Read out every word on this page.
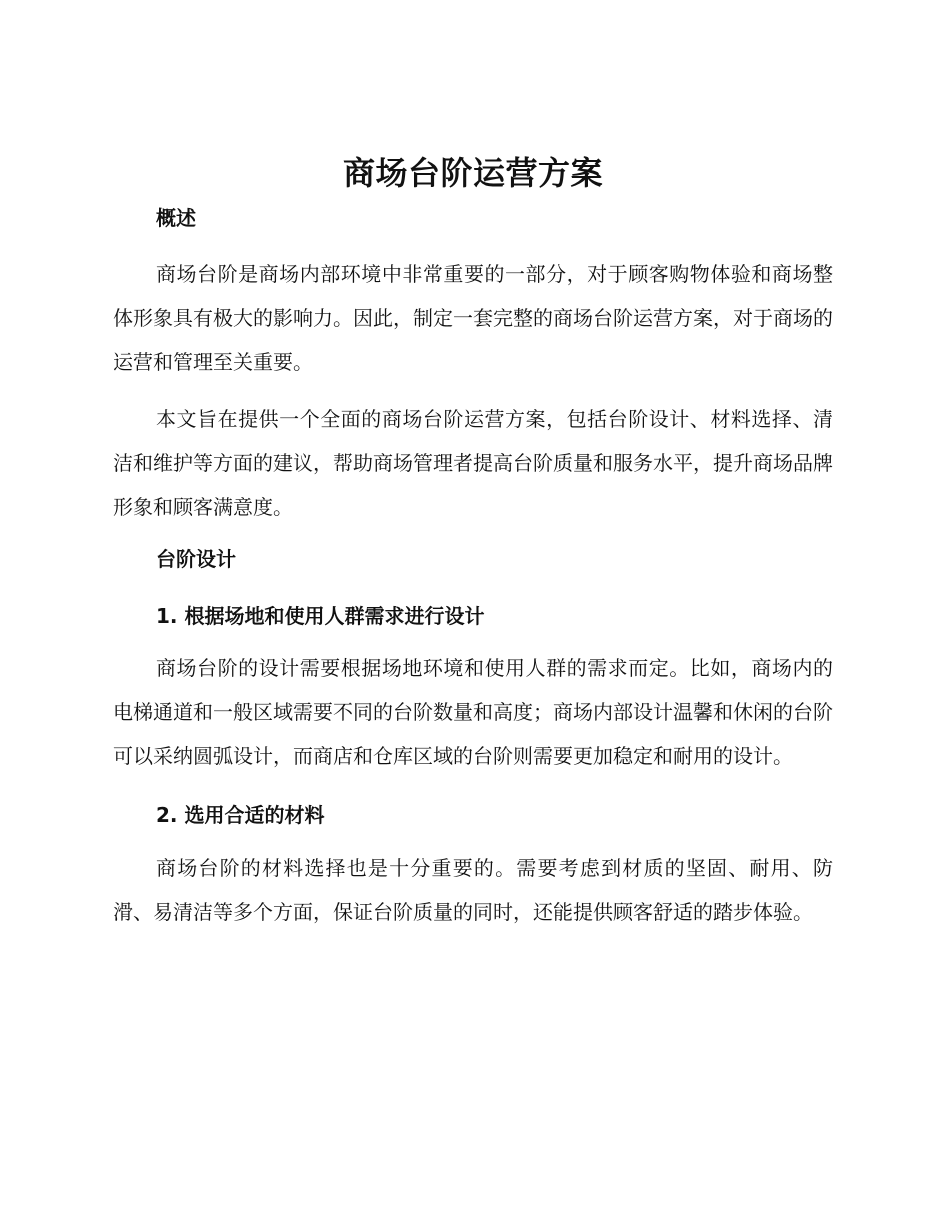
商场台阶运营方案
概述

商场台阶是商场内部环境中非常重要的一部分，对于顾客购物体验和商场整体形象具有极大的影响力。因此，制定一套完整的商场台阶运营方案，对于商场的运营和管理至关重要。

本文旨在提供一个全面的商场台阶运营方案，包括台阶设计、材料选择、清洁和维护等方面的建议，帮助商场管理者提高台阶质量和服务水平，提升商场品牌形象和顾客满意度。

台阶设计
1. 根据场地和使用人群需求进行设计

商场台阶的设计需要根据场地环境和使用人群的需求而定。比如，商场内的电梯通道和一般区域需要不同的台阶数量和高度；商场内部设计温馨和休闲的台阶可以采纳圆弧设计，而商店和仓库区域的台阶则需要更加稳定和耐用的设计。

2. 选用合适的材料

商场台阶的材料选择也是十分重要的。需要考虑到材质的坚固、耐用、防滑、易清洁等多个方面，保证台阶质量的同时，还能提供顾客舒适的踏步体验。
